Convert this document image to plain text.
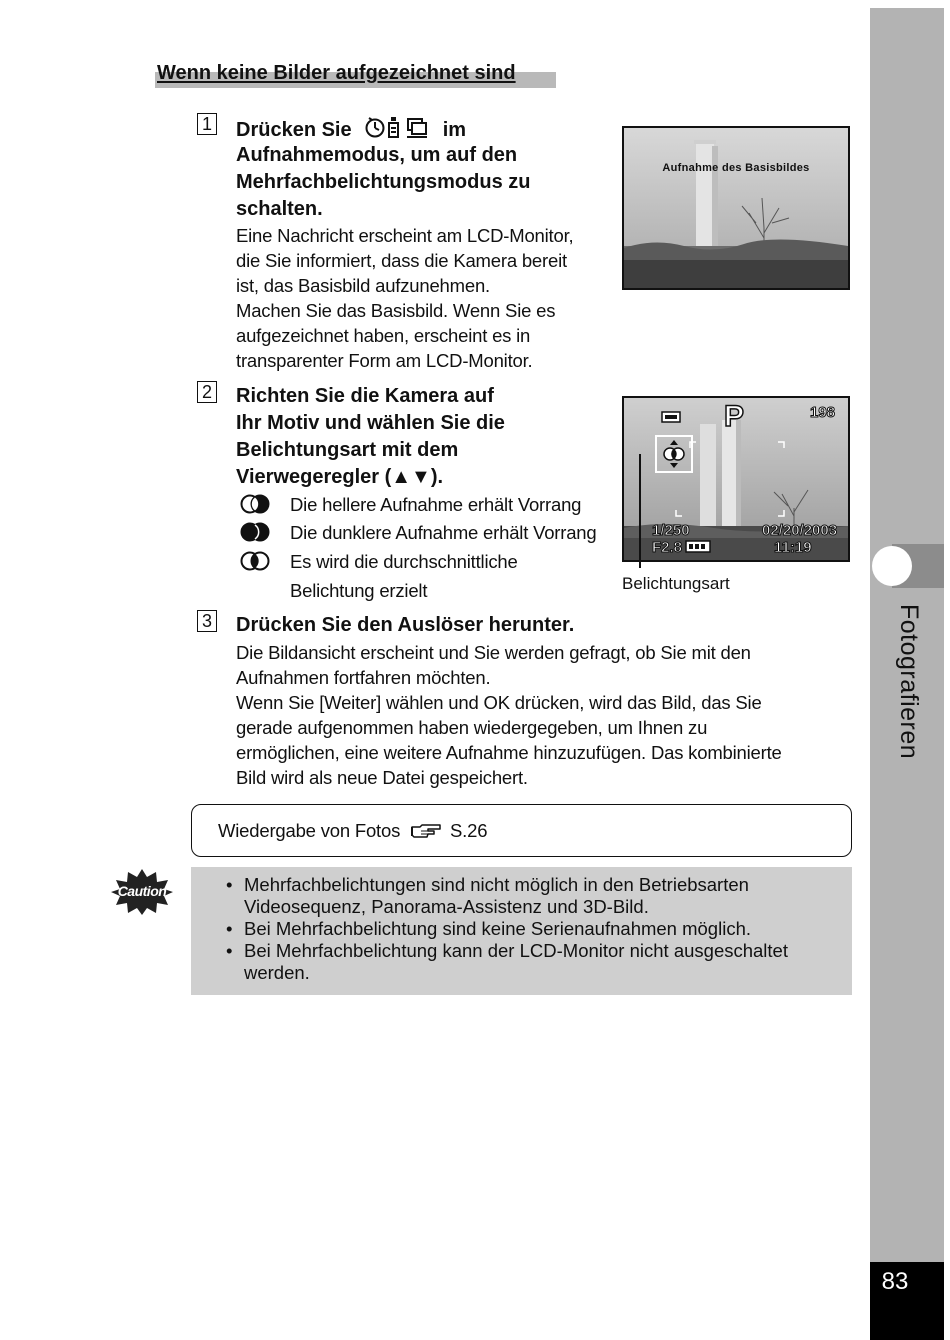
Fotografieren
83
Wenn keine Bilder aufgezeichnet sind
1 Drücken Sie	im
Aufnahmemodus, um auf den
Mehrfachbelichtungsmodus zu
schalten.
Eine Nachricht erscheint am LCD-Monitor,
die Sie informiert, dass die Kamera bereit
ist, das Basisbild aufzunehmen.
Machen Sie das Basisbild. Wenn Sie es
aufgezeichnet haben, erscheint es in
transparenter Form am LCD-Monitor.
Aufnahme des Basisbildes
2 Richten Sie die Kamera auf
Ihr Motiv und wählen Sie die
Belichtungsart mit dem
Vierwegeregler (▲▼).
Die hellere Aufnahme erhält Vorrang
Die dunklere Aufnahme erhält Vorrang
Es wird die durchschnittliche
Belichtung erzielt
P	198
1/250
F2.8
02/20/2003
11:19
Belichtungsart
3 Drücken Sie den Auslöser herunter.
Die Bildansicht erscheint und Sie werden gefragt, ob Sie mit den
Aufnahmen fortfahren möchten.
Wenn Sie [Weiter] wählen und OK drücken, wird das Bild, das Sie
gerade aufgenommen haben wiedergegeben, um Ihnen zu
ermöglichen, eine weitere Aufnahme hinzuzufügen. Das kombinierte
Bild wird als neue Datei gespeichert.
Wiedergabe von Fotos	S.26
Caution	• Mehrfachbelichtungen sind nicht möglich in den Betriebsarten
Videosequenz, Panorama-Assistenz und 3D-Bild.
• Bei Mehrfachbelichtung sind keine Serienaufnahmen möglich.
• Bei Mehrfachbelichtung kann der LCD-Monitor nicht ausgeschaltet
werden.
